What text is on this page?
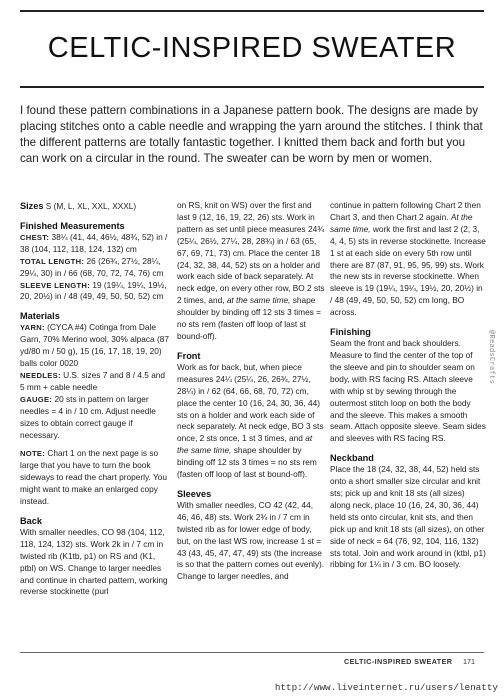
CELTIC-INSPIRED SWEATER

I found these pattern combinations in a Japanese pattern book. The designs are made by placing stitches onto a cable needle and wrapping the yarn around the stitches. I think that the different patterns are totally fantastic together. I knitted them back and forth but you can work on a circular in the round. The sweater can be worn by men or women.

Sizes S (M, L, XL, XXL, XXXL)

Finished Measurements

CHEST: 38¼ (41, 44, 46½, 48¾, 52) in / 38 (104, 112, 118, 124, 132) cm

TOTAL LENGTH: 26 (26¾, 27½, 28¼, 29¼, 30) in / 66 (68, 70, 72, 74, 76) cm

SLEEVE LENGTH: 19 (19¼, 19¼, 19½, 20, 20½) in / 48 (49, 49, 50, 50, 52) cm

Materials

YARN: (CYCA #4) Cotinga from Dale Garn, 70% Merino wool, 30% alpaca (87 yd/80 m / 50 g), 15 (16, 17, 18, 19, 20) balls color 0020

NEEDLES: U.S. sizes 7 and 8 / 4.5 and 5 mm + cable needle

GAUGE: 20 sts in pattern on larger needles = 4 in / 10 cm. Adjust needle sizes to obtain correct gauge if necessary.

NOTE: Chart 1 on the next page is so large that you have to turn the book sideways to read the chart properly. You might want to make an enlarged copy instead.

Back

With smaller needles, CO 98 (104, 112, 118, 124, 132) sts. Work 2k in / 7 cm in twisted rib (K1tb, p1) on RS and (K1, ptbl) on WS. Change to larger needles and continue in charted pattern, working reverse stockinette (purl

on RS, knit on WS) over the first and last 9 (12, 16, 19, 22, 26) sts. Work in pattern as set until piece measures 24¾ (25¼, 26½, 27¼, 28, 28¾) in / 63 (65, 67, 69, 71, 73) cm. Place the center 18 (24, 32, 38, 44, 52) sts on a holder and work each side of back separately. At neck edge, on every other row, BO 2 sts 2 times, and, at the same time, shape shoulder by binding off 12 sts 3 times = no sts rem (fasten off loop of last st bound-off).

Front

Work as for back, but, when piece measures 24¼ (25¼, 26, 26¾, 27½, 28¼) in / 62 (64, 66, 68, 70, 72) cm, place the center 10 (16, 24, 30, 36, 44) sts on a holder and work each side of neck separately. At neck edge, BO 3 sts once, 2 sts once, 1 st 3 times, and at the same time, shape shoulder by binding off 12 sts 3 times = no sts rem (fasten off loop of last st bound-off).

Sleeves

With smaller needles, CO 42 (42, 44, 46, 46, 48) sts. Work 2¾ in / 7 cm in twisted rib as for lower edge of body, but, on the last WS row, increase 1 st = 43 (43, 45, 47, 47, 49) sts (the increase is so that the pattern comes out evenly). Change to larger needles, and

continue in pattern following Chart 2 then Chart 3, and then Chart 2 again. At the same time, work the first and last 2 (2, 3, 4, 4, 5) sts in reverse stockinette. Increase 1 st at each side on every 5th row until there are 87 (87, 91, 95, 95, 99) sts. Work the new sts in reverse stockinette. When sleeve is 19 (19¼, 19¼, 19½, 20, 20½) in / 48 (49, 49, 50, 50, 52) cm long, BO across.

Finishing

Seam the front and back shoulders. Measure to find the center of the top of the sleeve and pin to shoulder seam on body, with RS facing RS. Attach sleeve with whip st by sewing through the outermost stitch loop on both the body and the sleeve. This makes a smooth seam. Attach opposite sleeve. Seam sides and sleeves with RS facing RS.

Neckband

Place the 18 (24, 32, 38, 44, 52) held sts onto a short smaller size circular and knit sts; pick up and knit 18 sts (all sizes) along neck, place 10 (16, 24, 30, 36, 44) held sts onto circular, knit sts, and then pick up and knit 18 sts (all sizes), on other side of neck = 64 (76, 92, 104, 116, 132) sts total. Join and work around in (ktbl, p1) ribbing for 1¼ in / 3 cm. BO loosely.

@ReadsCrafts
CELTIC-INSPIRED SWEATER 171
http://www.liveinternet.ru/users/lenatty
